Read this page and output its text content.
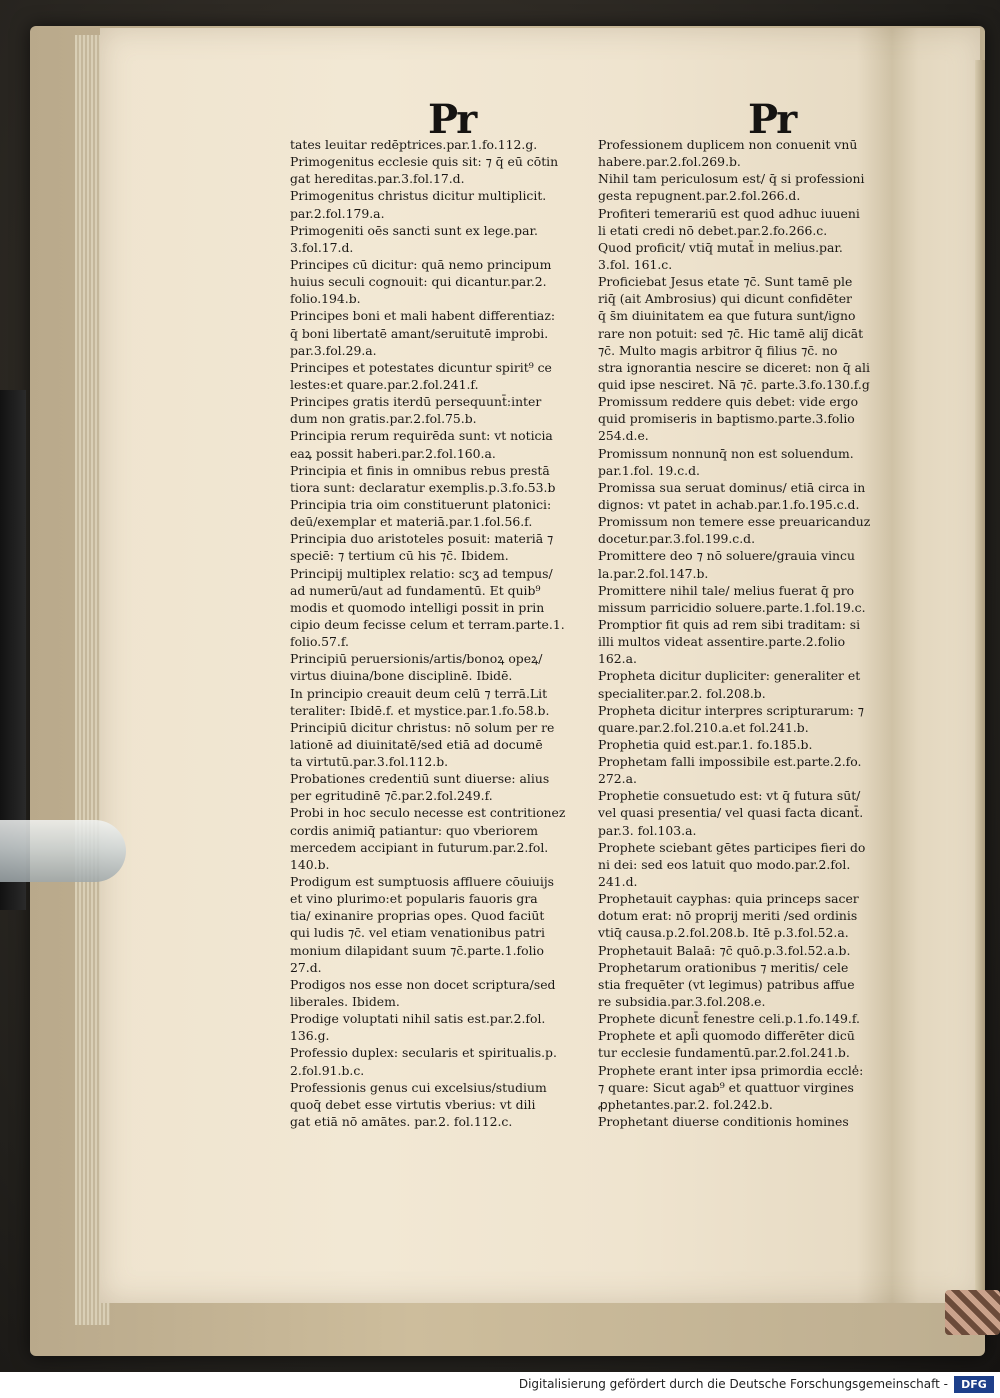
Pr	Pr
tates leuitar redēptrices.par.1.fo.112.g.
Primogenitus ecclesie quis sit: ⁊ q̄ eū cōtin
gat hereditas.par.3.fol.17.d.
Primogenitus christus dicitur multiplicit.
par.2.fol.179.a.
Primogeniti oēs sancti sunt ex lege.par.
3.fol.17.d.
Principes cū dicitur: quā nemo principum
huius seculi cognouit: qui dicantur.par.2.
folio.194.b.
Principes boni et mali habent differentiaz:
q̄ boni libertatē amant/seruitutē improbi.
par.3.fol.29.a.
Principes et potestates dicuntur spirit⁹ ce
lestes:et quare.par.2.fol.241.f.
Principes gratis iterdū persequunt̄:inter
dum non gratis.par.2.fol.75.b.
Principia rerum requirēda sunt: vt noticia
eaꝝ possit haberi.par.2.fol.160.a.
Principia et finis in omnibus rebus prestā
tiora sunt: declaratur exemplis.p.3.fo.53.b
Principia tria oim constituerunt platonici:
deū/exemplar et materiā.par.1.fol.56.f.
Principia duo aristoteles posuit: materiā ⁊
speciē: ⁊ tertium cū his ⁊c̄. Ibidem.
Principij multiplex relatio: scʒ ad tempus/
ad numerū/aut ad fundamentū. Et quib⁹
modis et quomodo intelligi possit in prin
cipio deum fecisse celum et terram.parte.1.
folio.57.f.
Principiū peruersionis/artis/bonoꝝ opeꝝ/
virtus diuina/bone disciplinē. Ibidē.
In principio creauit deum celū ⁊ terrā.Lit
teraliter: Ibidē.f. et mystice.par.1.fo.58.b.
Principiū dicitur christus: nō solum per re
lationē ad diuinitatē/sed etiā ad documē
ta virtutū.par.3.fol.112.b.
Probationes credentiū sunt diuerse: alius
per egritudinē ⁊c̄.par.2.fol.249.f.
Probi in hoc seculo necesse est contritionez
cordis animiq̄ patiantur: quo vberiorem
mercedem accipiant in futurum.par.2.fol.
140.b.
Prodigum est sumptuosis affluere cōuiuijs
et vino plurimo:et popularis fauoris gra
tia/ exinanire proprias opes. Quod faciūt
qui ludis ⁊c̄. vel etiam venationibus patri
monium dilapidant suum ⁊c̄.parte.1.folio
27.d.
Prodigos nos esse non docet scriptura/sed
liberales. Ibidem.
Prodige voluptati nihil satis est.par.2.fol.
136.g.
Professio duplex: secularis et spiritualis.p.
2.fol.91.b.c.
Professionis genus cui excelsius/studium
quoq̄ debet esse virtutis vberius: vt dili
gat etiā nō amātes. par.2. fol.112.c.
Professionem duplicem non conuenit vnū
habere.par.2.fol.269.b.
Nihil tam periculosum est/ q̄ si professioni
gesta repugnent.par.2.fol.266.d.
Profiteri temerariū est quod adhuc iuueni
li etati credi nō debet.par.2.fo.266.c.
Quod proficit/ vtiq̄ mutat̄ in melius.par.
3.fol. 161.c.
Proficiebat Jesus etate ⁊c̄. Sunt tamē ple
riq̄ (ait Ambrosius) qui dicunt confidēter
q̄ s̄m diuinitatem ea que futura sunt/igno
rare non potuit: sed ⁊c̄. Hic tamē aliȷ̄ dicāt
⁊c̄. Multo magis arbitror q̄ filius ⁊c̄. no
stra ignorantia nescire se diceret: non q̄ ali
quid ipse nesciret. Nā ⁊c̄. parte.3.fo.130.f.g
Promissum reddere quis debet: vide ergo
quid promiseris in baptismo.parte.3.folio
254.d.e.
Promissum nonnunq̄ non est soluendum.
par.1.fol. 19.c.d.
Promissa sua seruat dominus/ etiā circa in
dignos: vt patet in achab.par.1.fo.195.c.d.
Promissum non temere esse preuaricanduz
docetur.par.3.fol.199.c.d.
Promittere deo ⁊ nō soluere/grauia vincu
la.par.2.fol.147.b.
Promittere nihil tale/ melius fuerat q̄ pro
missum parricidio soluere.parte.1.fol.19.c.
Promptior fit quis ad rem sibi traditam: si
illi multos videat assentire.parte.2.folio
162.a.
Propheta dicitur dupliciter: generaliter et
specialiter.par.2. fol.208.b.
Propheta dicitur interpres scripturarum: ⁊
quare.par.2.fol.210.a.et fol.241.b.
Prophetia quid est.par.1. fo.185.b.
Prophetam falli impossibile est.parte.2.fo.
272.a.
Prophetie consuetudo est: vt q̄ futura sūt/
vel quasi presentia/ vel quasi facta dicant̄.
par.3. fol.103.a.
Prophete sciebant gētes participes fieri do
ni dei: sed eos latuit quo modo.par.2.fol.
241.d.
Prophetauit cayphas: quia princeps sacer
dotum erat: nō proprij meriti /sed ordinis
vtiq̄ causa.p.2.fol.208.b. Itē p.3.fol.52.a.
Prophetauit Balaā: ⁊c̄ quō.p.3.fol.52.a.b.
Prophetarum orationibus ⁊ meritis/ cele
stia frequēter (vt legimus) patribus affue
re subsidia.par.3.fol.208.e.
Prophete dicunt̄ fenestre celi.p.1.fo.149.f.
Prophete et apl̄i quomodo differēter dicū
tur ecclesie fundamentū.par.2.fol.241.b.
Prophete erant inter ipsa primordia eccle̾:
⁊ quare: Sicut agab⁹ et quattuor virgines
ꝓphetantes.par.2. fol.242.b.
Prophetant diuerse conditionis homines
Digitalisierung gefördert durch die Deutsche Forschungsgemeinschaft -	DFG
